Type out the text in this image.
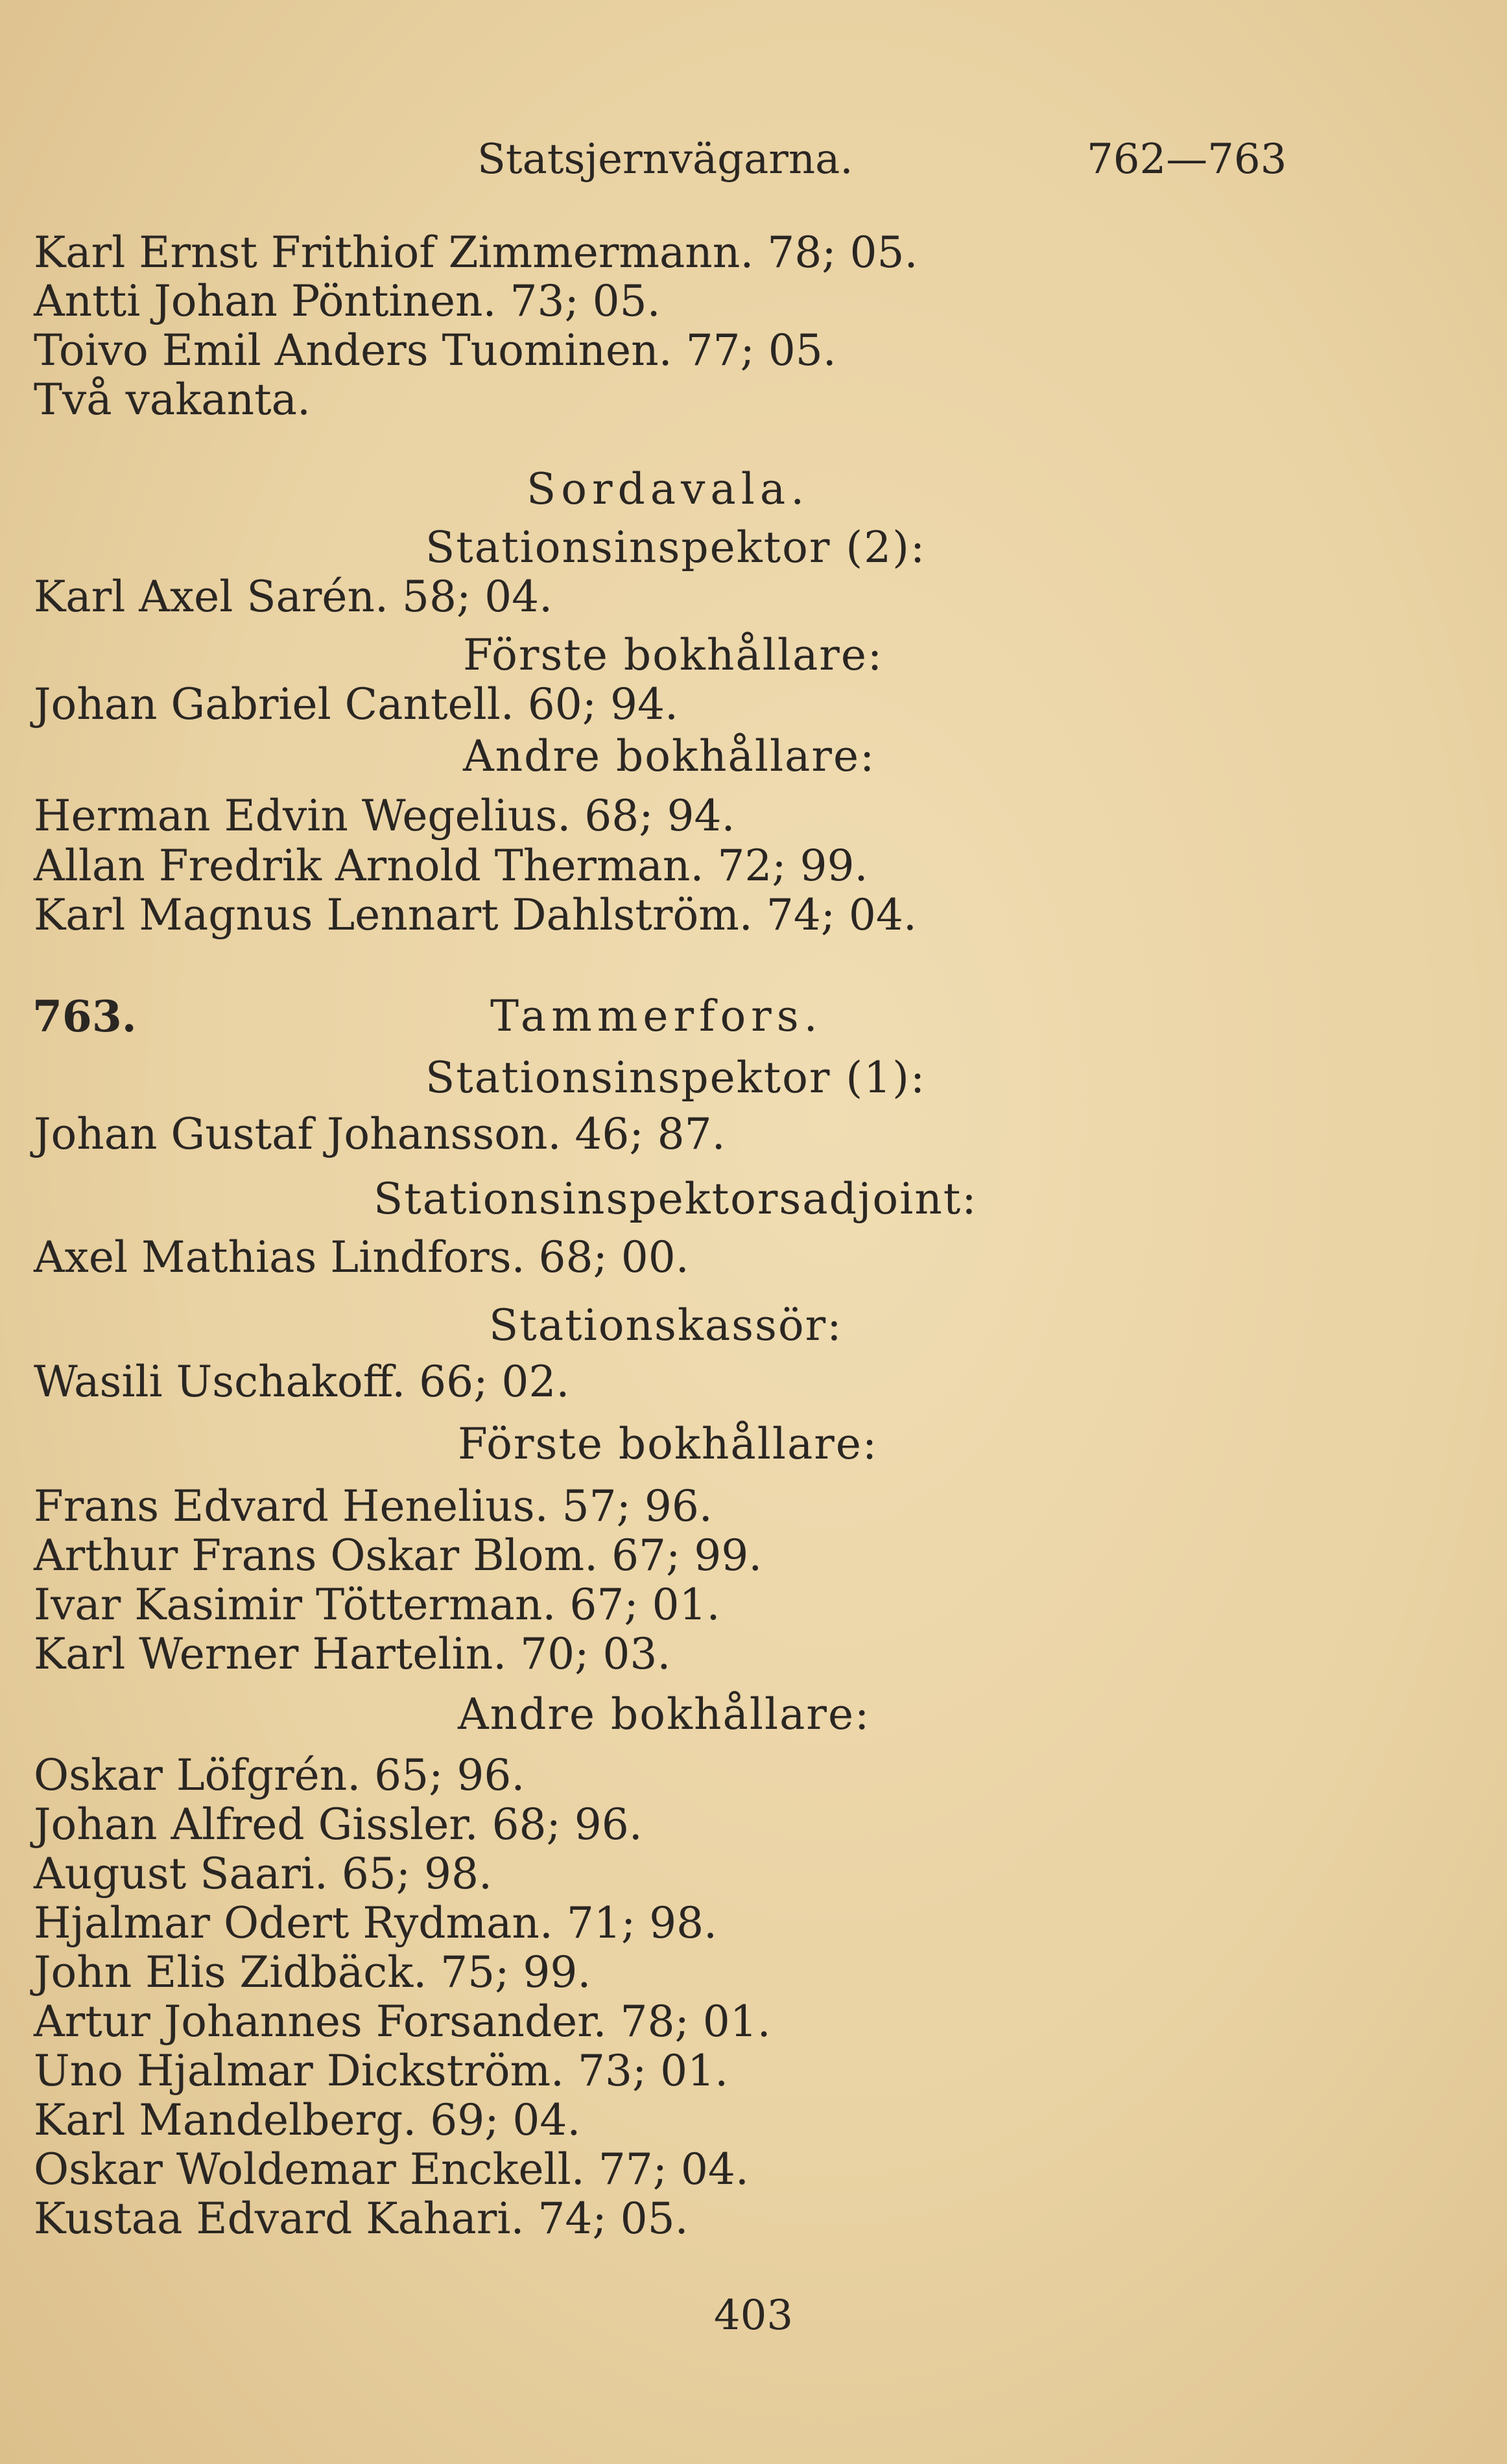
Statsjernvägarna.	762—763
Karl Ernst Frithiof Zimmermann. 78; 05.
Antti Johan Pöntinen. 73; 05.
Toivo Emil Anders Tuominen. 77; 05.
Två vakanta.
Sordavala.
Stationsinspektor (2):
Karl Axel Sarén. 58; 04.
Förste bokhållare:
Johan Gabriel Cantell. 60; 94.
Andre bokhållare:
Herman Edvin Wegelius. 68; 94.
Allan Fredrik Arnold Therman. 72; 99.
Karl Magnus Lennart Dahlström. 74; 04.
763.	Tammerfors.
Stationsinspektor (1):
Johan Gustaf Johansson. 46; 87.
Stationsinspektorsadjoint:
Axel Mathias Lindfors. 68; 00.
Stationskassör:
Wasili Uschakoff. 66; 02.
Förste bokhållare:
Frans Edvard Henelius. 57; 96.
Arthur Frans Oskar Blom. 67; 99.
Ivar Kasimir Tötterman. 67; 01.
Karl Werner Hartelin. 70; 03.
Andre bokhållare:
Oskar Löfgrén. 65; 96.
Johan Alfred Gissler. 68; 96.
August Saari. 65; 98.
Hjalmar Odert Rydman. 71; 98.
John Elis Zidbäck. 75; 99.
Artur Johannes Forsander. 78; 01.
Uno Hjalmar Dickström. 73; 01.
Karl Mandelberg. 69; 04.
Oskar Woldemar Enckell. 77; 04.
Kustaa Edvard Kahari. 74; 05.
403
